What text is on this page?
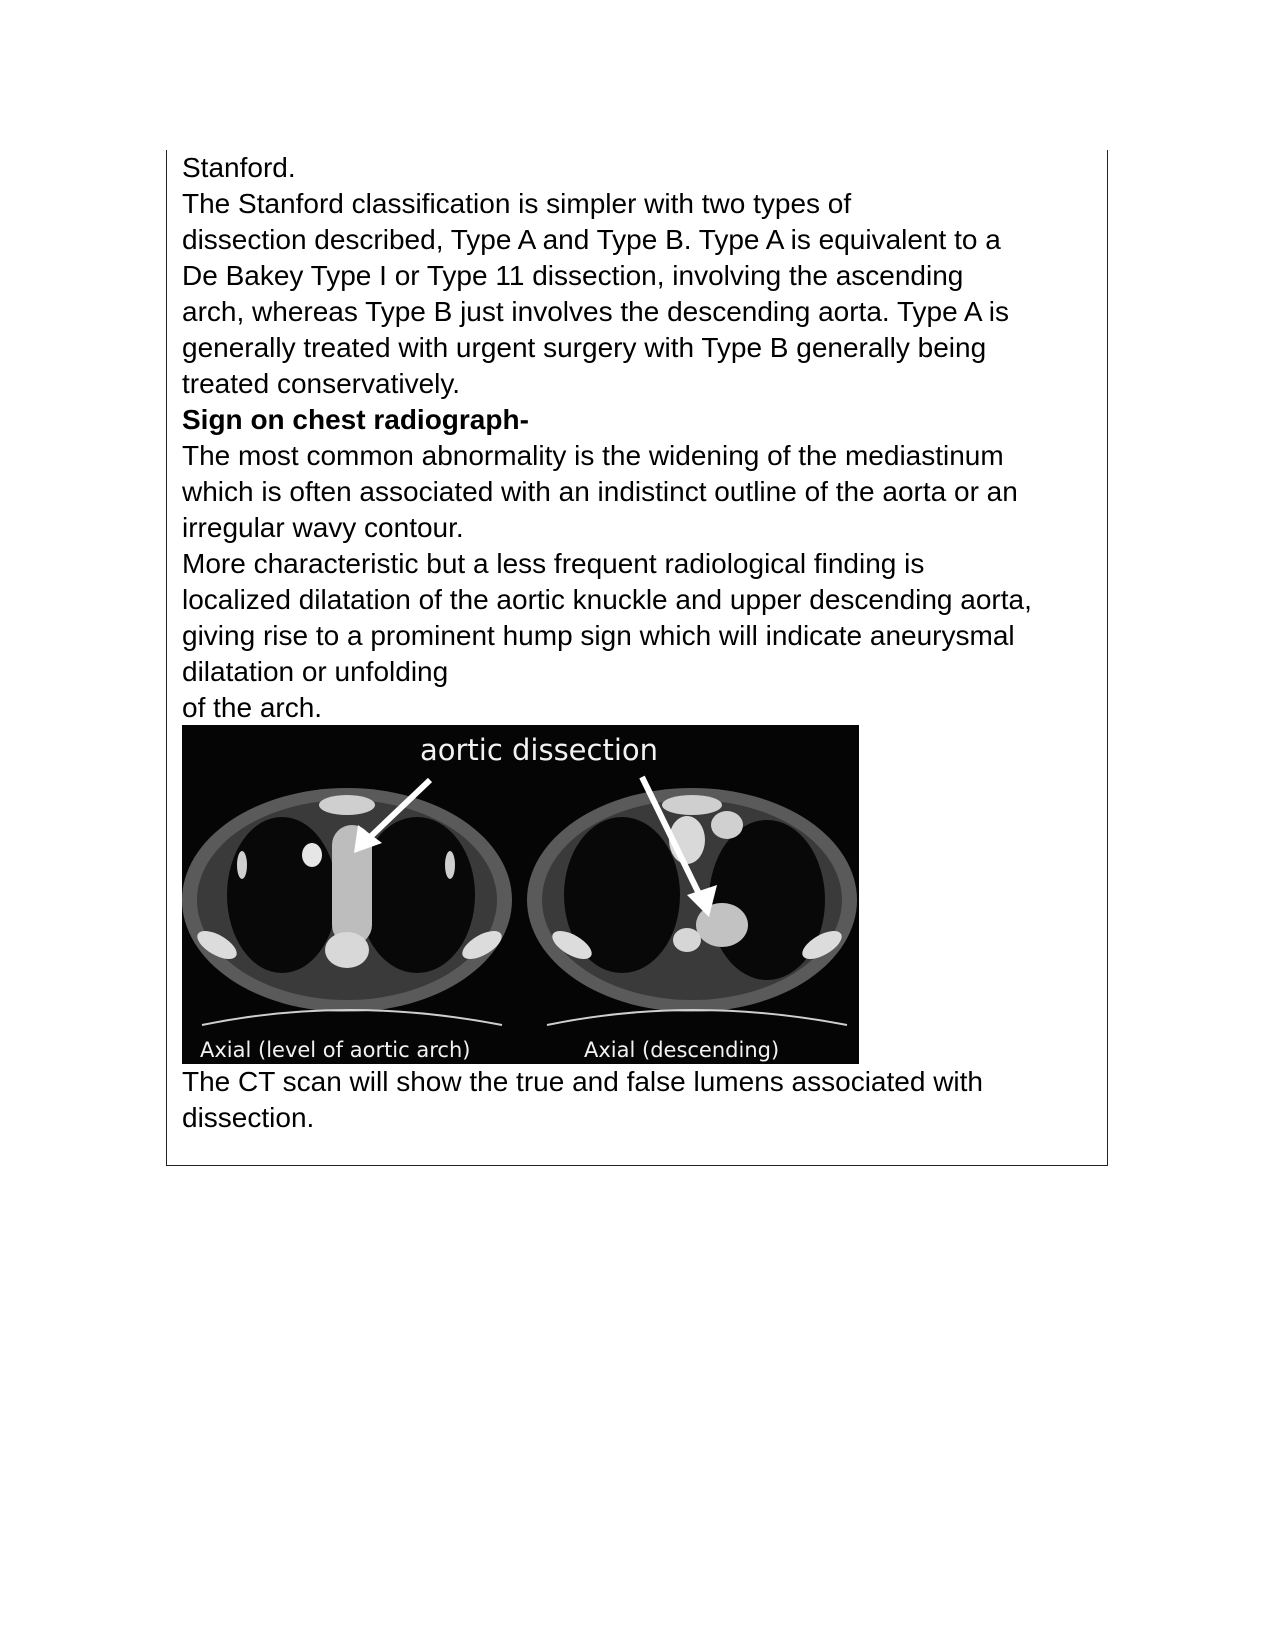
Stanford.
The Stanford classification is simpler with two types of
dissection described, Type A and Type B. Type A is equivalent to a
De Bakey Type I or Type 11 dissection, involving the ascending
arch, whereas Type B just involves the descending aorta. Type A is
generally treated with urgent surgery with Type B generally being
treated conservatively.
Sign on chest radiograph-
The most common abnormality is the widening of the mediastinum
which is often associated with an indistinct outline of the aorta or an
irregular wavy contour.
More characteristic but a less frequent radiological finding is
localized dilatation of the aortic knuckle and upper descending aorta,
giving rise to a prominent hump sign which will indicate aneurysmal
dilatation or unfolding
of the arch.
aortic dissection
Axial (level of aortic arch)	Axial (descending)
The CT scan will show the true and false lumens associated with
dissection.
